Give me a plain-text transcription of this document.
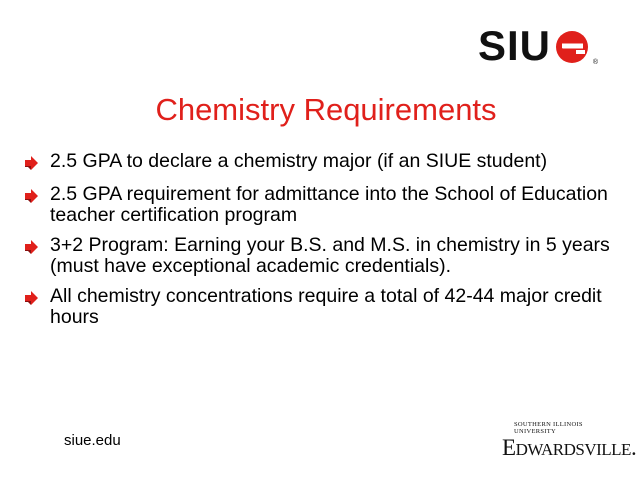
SIU	®
Chemistry Requirements
2.5 GPA to declare a chemistry major (if an SIUE student)
2.5 GPA requirement for admittance into the School of Education teacher certification program
3+2 Program: Earning your B.S. and M.S. in chemistry in 5 years (must have exceptional academic credentials).
All chemistry concentrations require a total of 42-44 major credit hours
siue.edu
SOUTHERN ILLINOIS UNIVERSITY
EDWARDSVILLE.
